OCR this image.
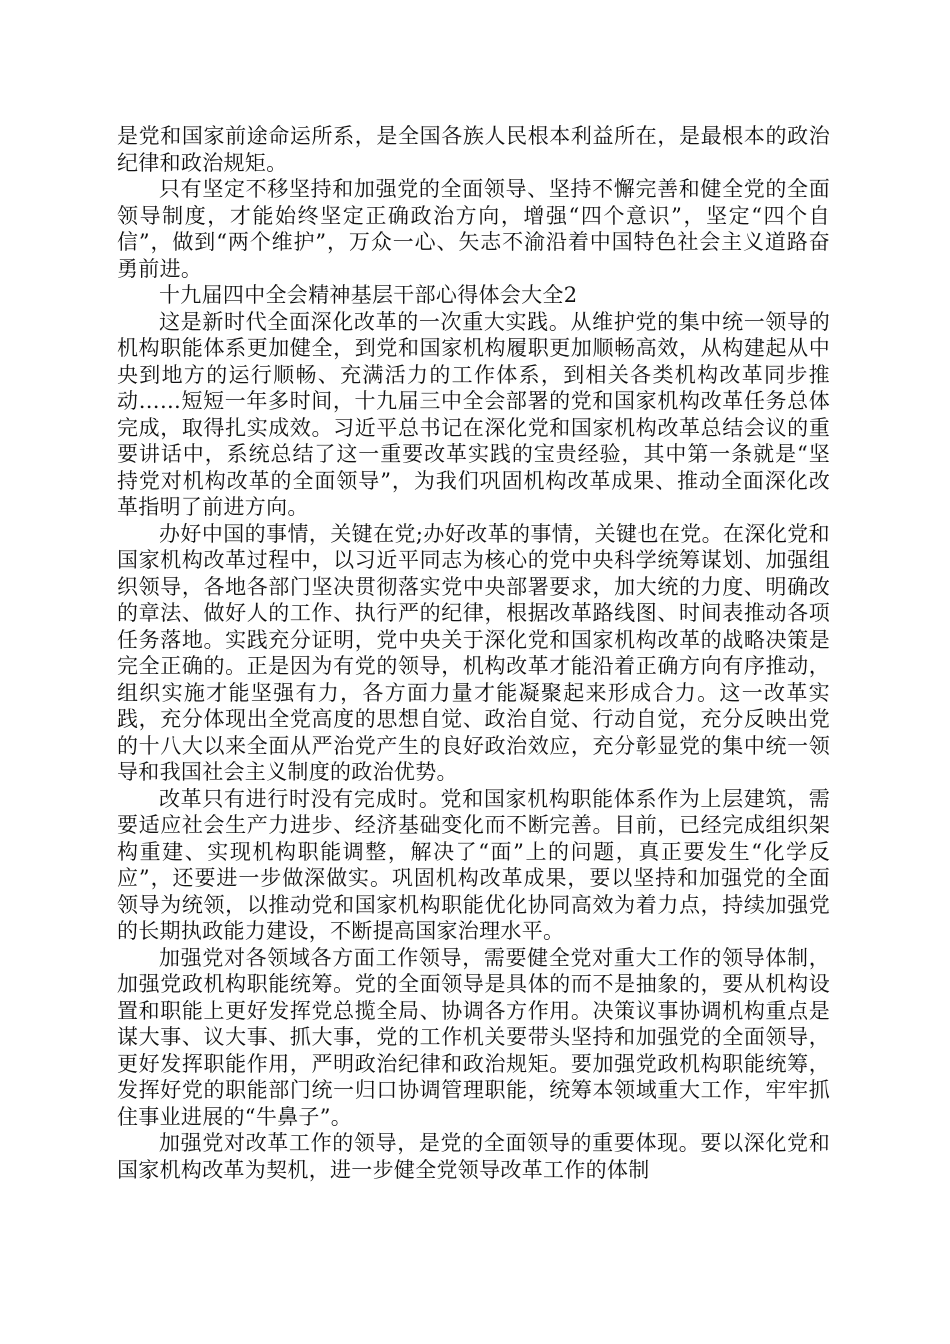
是党和国家前途命运所系，是全国各族人民根本利益所在，是最根本的政治纪律和政治规矩。

只有坚定不移坚持和加强党的全面领导、坚持不懈完善和健全党的全面领导制度，才能始终坚定正确政治方向，增强“四个意识”，坚定“四个自信”，做到“两个维护”，万众一心、矢志不渝沿着中国特色社会主义道路奋勇前进。

十九届四中全会精神基层干部心得体会大全2

这是新时代全面深化改革的一次重大实践。从维护党的集中统一领导的机构职能体系更加健全，到党和国家机构履职更加顺畅高效，从构建起从中央到地方的运行顺畅、充满活力的工作体系，到相关各类机构改革同步推动……短短一年多时间，十九届三中全会部署的党和国家机构改革任务总体完成，取得扎实成效。习近平总书记在深化党和国家机构改革总结会议的重要讲话中，系统总结了这一重要改革实践的宝贵经验，其中第一条就是“坚持党对机构改革的全面领导”，为我们巩固机构改革成果、推动全面深化改革指明了前进方向。

办好中国的事情，关键在党;办好改革的事情，关键也在党。在深化党和国家机构改革过程中，以习近平同志为核心的党中央科学统筹谋划、加强组织领导，各地各部门坚决贯彻落实党中央部署要求，加大统的力度、明确改的章法、做好人的工作、执行严的纪律，根据改革路线图、时间表推动各项任务落地。实践充分证明，党中央关于深化党和国家机构改革的战略决策是完全正确的。正是因为有党的领导，机构改革才能沿着正确方向有序推动，组织实施才能坚强有力，各方面力量才能凝聚起来形成合力。这一改革实践，充分体现出全党高度的思想自觉、政治自觉、行动自觉，充分反映出党的十八大以来全面从严治党产生的良好政治效应，充分彰显党的集中统一领导和我国社会主义制度的政治优势。

改革只有进行时没有完成时。党和国家机构职能体系作为上层建筑，需要适应社会生产力进步、经济基础变化而不断完善。目前，已经完成组织架构重建、实现机构职能调整，解决了“面”上的问题，真正要发生“化学反应”，还要进一步做深做实。巩固机构改革成果，要以坚持和加强党的全面领导为统领，以推动党和国家机构职能优化协同高效为着力点，持续加强党的长期执政能力建设，不断提高国家治理水平。

加强党对各领域各方面工作领导，需要健全党对重大工作的领导体制，加强党政机构职能统筹。党的全面领导是具体的而不是抽象的，要从机构设置和职能上更好发挥党总揽全局、协调各方作用。决策议事协调机构重点是谋大事、议大事、抓大事，党的工作机关要带头坚持和加强党的全面领导，更好发挥职能作用，严明政治纪律和政治规矩。要加强党政机构职能统筹，发挥好党的职能部门统一归口协调管理职能，统筹本领域重大工作，牢牢抓住事业进展的“牛鼻子”。

加强党对改革工作的领导，是党的全面领导的重要体现。要以深化党和国家机构改革为契机，进一步健全党领导改革工作的体制
